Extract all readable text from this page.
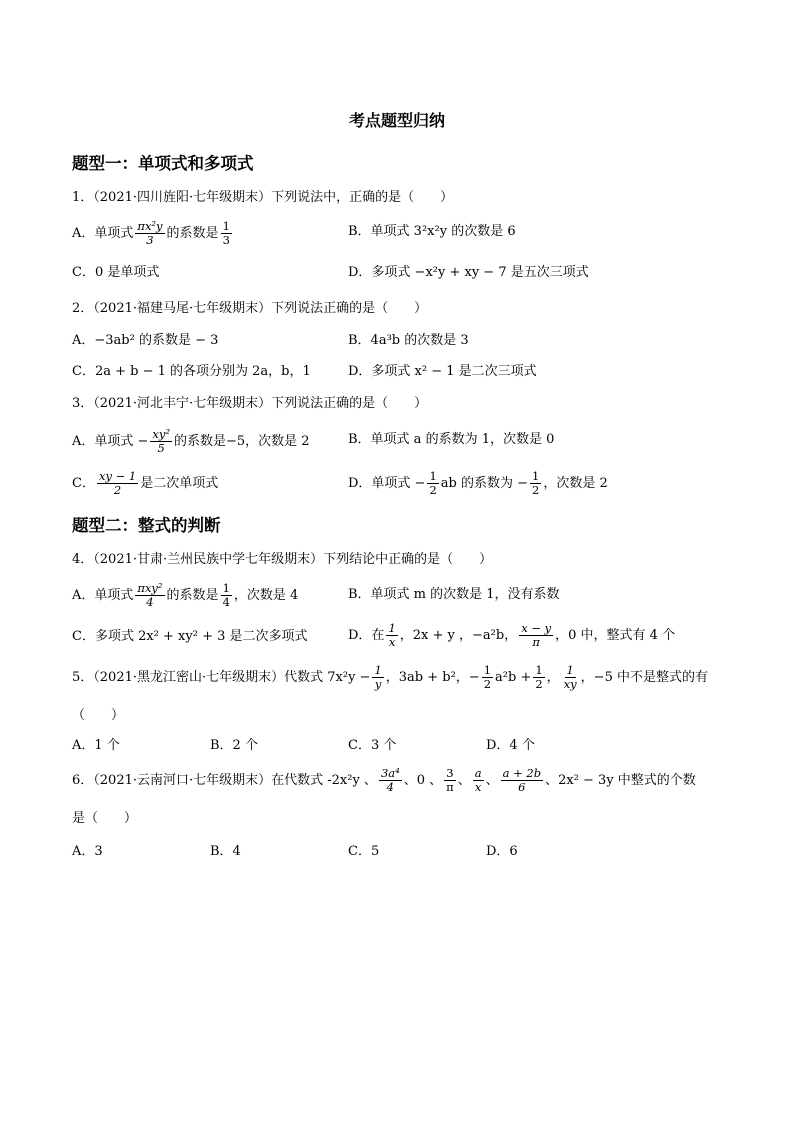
考点题型归纳
题型一：单项式和多项式
1．（2021·四川旌阳·七年级期末）下列说法中，正确的是（　　）
A．单项式 $\frac{\text{πx²y}}{3}$ 的系数是 $\frac{1}{3}$	B．单项式 3²x²y 的次数是 6
C．0 是单项式	D．多项式 −x²y + xy − 7 是五次三项式
2．（2021·福建马尾·七年级期末）下列说法正确的是（　　）
A．−3ab² 的系数是 − 3	B．4a³b 的次数是 3
C．2a + b − 1 的各项分别为 2a，b，1	D．多项式 x² − 1 是二次三项式
3．（2021·河北丰宁·七年级期末）下列说法正确的是（　　）
A．单项式 − $\frac{\text{xy²}}{5}$ 的系数是−5，次数是 2	B．单项式 a 的系数为 1，次数是 0
C． $\frac{xy - 1}{2}$ 是二次单项式	D．单项式 − $\frac{1}{2}$ ab 的系数为 − $\frac{1}{2}$ ，次数是 2
题型二：整式的判断
4．（2021·甘肃·兰州民族中学七年级期末）下列结论中正确的是（　　）
A．单项式 $\frac{\text{πxy²}}{4}$ 的系数是 $\frac{1}{4}$ ，次数是 4	B．单项式 m 的次数是 1，没有系数
C．多项式 2x² + xy² + 3 是二次多项式	D．在 $\frac{1}{x}$ ，2x + y ，−a²b， $\frac{x - y}{\pi}$ ，0 中，整式有 4 个
5．（2021·黑龙江密山·七年级期末）代数式 $7x^2y - \frac{1}{y}$ ，3ab + b²，− $\frac{1}{2} a^2b + \frac{1}{2}$ ， $\frac{1}{xy}$ ，−5 中不是整式的有
（　　）
A．1 个	B．2 个	C．3 个	D．4 个
6．（2021·云南河口·七年级期末）在代数式 -2x²y 、 $\frac{\text{3a⁴}}{4}$ 、0 、 $\frac{3}{\pi}$ 、 $\frac{a}{x}$ 、 $\frac{a + 2b}{6}$ 、2x² − 3y 中整式的个数
是（　　）
A．3	B．4	C．5	D．6
